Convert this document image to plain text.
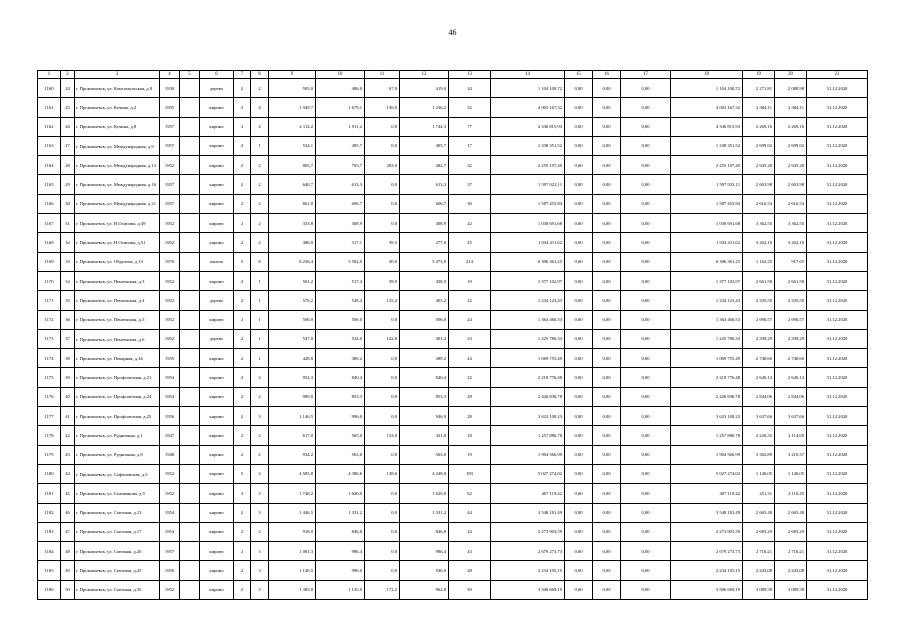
46
1	2	3	4	5	6	7	8	9	10	11	12	13	14	15	16	17	18	19	20	21
1160	24	г. Прокопьевск, ул. Комсомольская, д.8	1930		дерево	2	2	505,0	486,0	67,0	419,0	24	1 104 100,72	0,00	0,00	0,00	1 104 100,72	2 271,81	2 088,98	31.12.2020
1161	25	г. Прокопьевск, ул. Кучина, д.2	1955		кирпич	3	4	1 949,7	1 679,1	136,0	1 236,2	52	4 003 167,32	0,00	0,00	0,00	4 003 167,32	2 384,11	2 384,11	31.12.2020
1162	26	г. Прокопьевск, ул. Кучина, д.8	1957		кирпич	3	4	2 112,2	1 911,2	0,0	1 744,3	77	4 336 815,93	0,00	0,00	0,00	4 336 815,93	2 269,16	2 269,16	31.12.2020
1163	27	г. Прокопьевск, ул. Международная, д.9	1957		кирпич	2	1	534,1	495,7	0,0	495,7	17	1 338 351,52	0,00	0,00	0,00	1 338 351,52	2 699,92	2 699,92	31.12.2020
1164	28	г. Прокопьевск, ул. Международная, д.13	1952		кирпич	2	2	805,7	765,7	283,0	482,7	32	2 255 197,40	0,00	0,00	0,00	2 255 197,40	2 945,28	2 945,28	31.12.2020
1165	29	г. Прокопьевск, ул. Международная, д.16	1957		кирпич	2	2	640,7	613,3	0,0	613,3	37	1 597 023,11	0,00	0,00	0,00	1 597 023,11	2 603,98	2 603,98	31.12.2020
1166	30	г. Прокопьевск, ул. Международная, д.21	1957		кирпич	2	2	661,0	606,7	0,0	606,7	30	1 587 455,84	0,00	0,00	0,00	1 587 455,84	2 616,54	2 616,54	31.12.2020
1167	31	г. Прокопьевск, ул. Н.Осипова, д.49	1952		кирпич	2	2	333,8	308,9	0,0	308,9	22	1 038 691,68	0,00	0,00	0,00	1 038 691,68	3 362,55	3 362,55	31.12.2020
1168	32	г. Прокопьевск, ул. Н.Осипова, д.51	1952		кирпич	2	2	386,0	317,1	39,5	277,6	25	1 034 411,62	0,00	0,00	0,00	1 034 411,62	3 262,10	3 262,10	31.12.2020
1169	33	г. Прокопьевск, ул. Обручева, д.13	1970		панель	5	8	6 236,4	5 502,0	30,0	5 473,0	214	6 396 361,25	0,00	0,00	0,00	6 396 361,25	1 162,55	917,65	31.12.2020
1170	34	г. Прокопьевск, ул. Пензенская, д.3	1952		кирпич	2	1	561,2	517,4	58,9	458,5	19	1 377 102,97	0,00	0,00	0,00	1 377 102,97	2 661,58	2 661,58	31.12.2020
1171	35	г. Прокопьевск, ул. Пензенская, д.4	1952		дерево	2	1	576,2	528,4	125,2	403,2	22	1 234 123,43	0,00	0,00	0,00	1 234 123,43	2 335,59	2 335,59	31.12.2020
1172	36	г. Прокопьевск, ул. Пензенская, д.5	1952		кирпич	2	1	506,0	506,0	0,0	506,0	24	1 364 466,53	0,00	0,00	0,00	1 364 466,53	2 696,57	2 696,57	31.12.2020
1173	37	г. Прокопьевск, ул. Пензенская, д.6	1952		дерево	2	1	547,0	524,0	122,8	401,2	23	1 225 786,33	0,00	0,00	0,00	1 225 786,33	2 339,29	2 339,29	31.12.2020
1174	38	г. Прокопьевск, ул. Пекарная, д.34	1955		кирпич	2	1	428,8	389,2	0,0	389,2	24	1 069 755,49	0,00	0,00	0,00	1 069 755,49	2 748,60	2 748,60	31.12.2020
1175	39	г. Прокопьевск, ул. Профсоюзная, д.21	1954		кирпич	2	2	954,3	840,4	0,0	840,4	22	2 218 776,48	0,00	0,00	0,00	2 218 776,48	2 640,14	2 640,14	31.12.2020
1176	40	г. Прокопьевск, ул. Профсоюзная, д.24	1954		кирпич	2	2	989,0	853,3	0,0	853,3	28	2 426 836,78	0,00	0,00	0,00	2 426 836,78	2 844,06	2 844,06	31.12.2020
1177	41	г. Прокопьевск, ул. Профсоюзная, д.25	1956		кирпич	2	3	1 146,5	996,0	0,0	946,9	28	3 623 108,23	0,00	0,00	0,00	3 623 108,23	3 637,66	3 637,66	31.12.2020
1178	42	г. Прокопьевск, ул. Рудничная, д.1	1947		кирпич	2	2	617,0	565,0	133,0	431,0	18	1 257 886,78	0,00	0,00	0,00	1 257 886,78	2 226,35	2 114,69	31.12.2020
1179	43	г. Прокопьевск, ул. Рудничная, д.8	1948		кирпич	2	2	934,2	563,0	0,0	563,0	19	1 904 566,99	0,00	0,00	0,00	1 904 566,99	3 382,89	3 210,37	31.12.2020
1180	44	г. Прокопьевск, ул. Сафоновская, д.3	1952		кирпич	5	2	4 583,8	4 386,6	138,6	4 248,0	183	5 027 274,02	0,00	0,00	0,00	5 027 274,02	1 146,05	1 146,05	31.12.2020
1181	45	г. Прокопьевск, ул. Селиванова, д.5	1952		кирпич	3	3	1 748,2	1 620,0	0,0	1 620,0	62	407 119,42	0,00	0,00	0,00	407 119,42	251,31	2 110,45	31.12.2020
1182	46	г. Прокопьевск, ул. Союзная, д.13	1954		кирпич	2	3	1 446,5	1 331,2	0,0	1 331,2	44	3 548 181,49	0,00	0,00	0,00	3 548 181,49	2 665,40	2 665,40	31.12.2020
1183	47	г. Прокопьевск, ул. Союзная, д.17	1954		кирпич	2	2	918,0	846,8	0,0	846,8	24	2 273 903,59	0,00	0,00	0,00	2 273 903,59	2 685,29	2 685,29	31.12.2020
1184	48	г. Прокопьевск, ул. Союзная, д.20	1957		кирпич	2	3	1 081,3	986,4	0,0	986,4	43	2 679 273,73	0,00	0,00	0,00	2 679 273,73	2 716,21	2 716,21	31.12.2020
1185	49	г. Прокопьевск, ул. Союзная, д.25	1956		кирпич	2	3	1 146,5	996,0	0,0	946,9	28	2 234 105,15	0,00	0,00	0,00	2 234 105,15	2 243,08	2 243,08	31.12.2020
1186	50	г. Прокопьевск, ул. Союзная, д.35	1952		кирпич	2	3	1 385,0	1 135,0	172,2	962,8	50	3 506 669,19	0,00	0,00	0,00	3 506 669,19	3 089,58	3 089,58	31.12.2020
